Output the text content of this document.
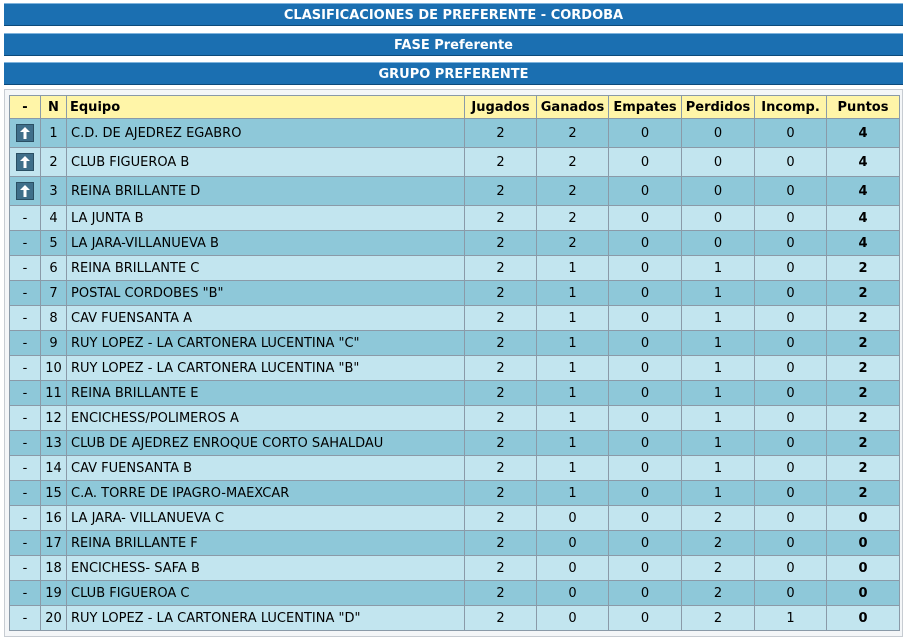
CLASIFICACIONES DE PREFERENTE - CORDOBA
FASE Preferente
GRUPO PREFERENTE
-	N	Equipo	Jugados	Ganados	Empates	Perdidos	Incomp.	Puntos

	1	C.D. DE AJEDREZ EGABRO	2	2	0	0	0	4

	2	CLUB FIGUEROA B	2	2	0	0	0	4

	3	REINA BRILLANTE D	2	2	0	0	0	4
-	4	LA JUNTA B	2	2	0	0	0	4
-	5	LA JARA-VILLANUEVA B	2	2	0	0	0	4
-	6	REINA BRILLANTE C	2	1	0	1	0	2
-	7	POSTAL CORDOBES "B"	2	1	0	1	0	2
-	8	CAV FUENSANTA A	2	1	0	1	0	2
-	9	RUY LOPEZ - LA CARTONERA LUCENTINA "C"	2	1	0	1	0	2
-	10	RUY LOPEZ - LA CARTONERA LUCENTINA "B"	2	1	0	1	0	2
-	11	REINA BRILLANTE E	2	1	0	1	0	2
-	12	ENCICHESS/POLIMEROS A	2	1	0	1	0	2
-	13	CLUB DE AJEDREZ ENROQUE CORTO SAHALDAU	2	1	0	1	0	2
-	14	CAV FUENSANTA B	2	1	0	1	0	2
-	15	C.A. TORRE DE IPAGRO-MAEXCAR	2	1	0	1	0	2
-	16	LA JARA- VILLANUEVA C	2	0	0	2	0	0
-	17	REINA BRILLANTE F	2	0	0	2	0	0
-	18	ENCICHESS- SAFA B	2	0	0	2	0	0
-	19	CLUB FIGUEROA C	2	0	0	2	0	0
-	20	RUY LOPEZ - LA CARTONERA LUCENTINA "D"	2	0	0	2	1	0
